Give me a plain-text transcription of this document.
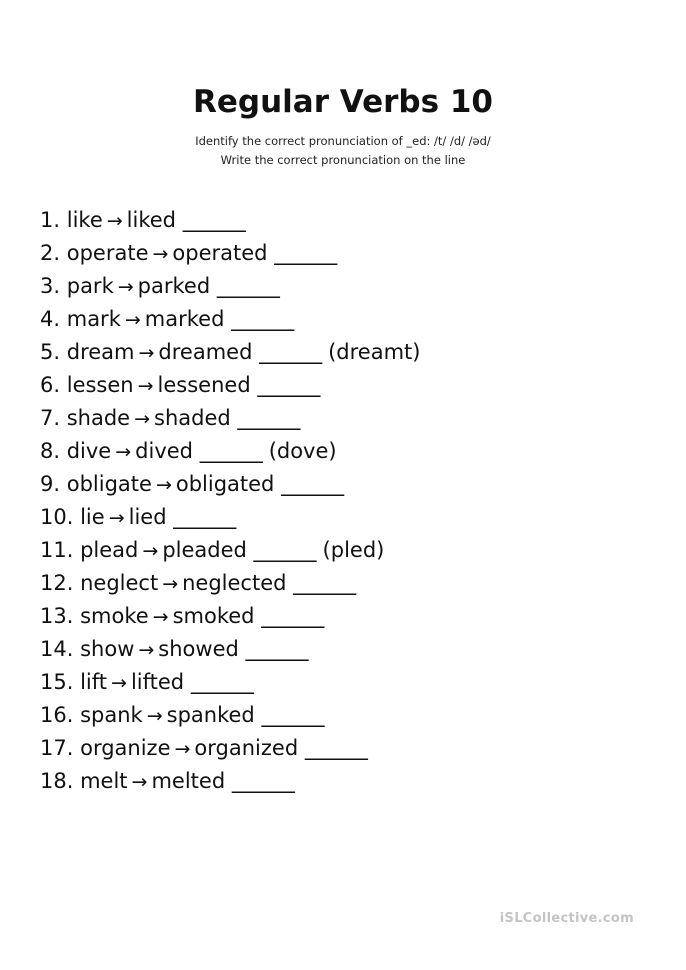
Regular Verbs 10
Identify the correct pronunciation of _ed: /t/ /d/ /əd/
Write the correct pronunciation on the line
1. like → liked ______
2. operate → operated ______
3. park → parked ______
4. mark → marked ______
5. dream → dreamed ______ (dreamt)
6. lessen → lessened ______
7. shade → shaded ______
8. dive → dived ______ (dove)
9. obligate → obligated ______
10. lie → lied ______
11. plead → pleaded ______ (pled)
12. neglect → neglected ______
13. smoke → smoked ______
14. show → showed ______
15. lift → lifted ______
16. spank → spanked ______
17. organize → organized ______
18. melt → melted ______
iSLCollective.com
